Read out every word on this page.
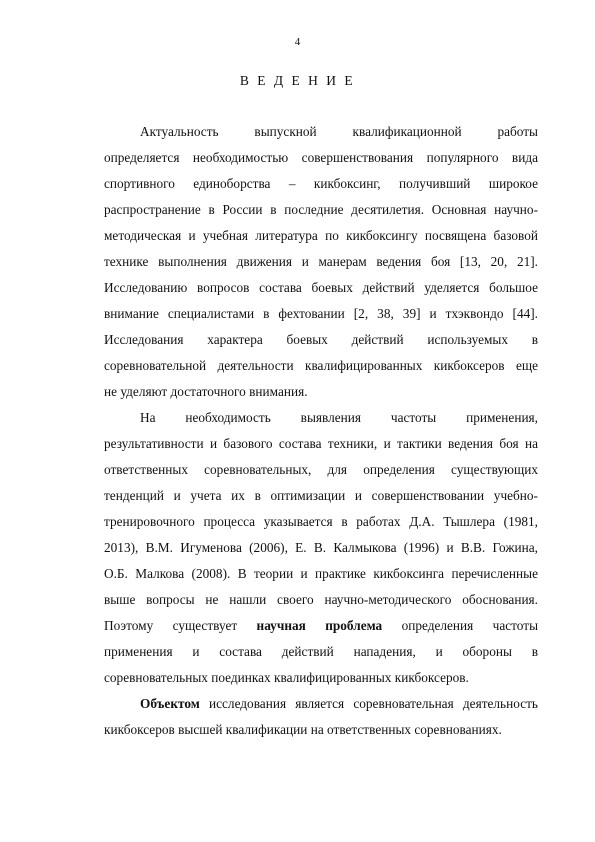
4
В Е Д Е Н И Е
Актуальность выпускной квалификационной работы
определяется необходимостью совершенствования популярного вида
спортивного единоборства – кикбоксинг, получивший широкое
распространение в России в последние десятилетия. Основная научно-
методическая и учебная литература по кикбоксингу посвящена базовой
технике выполнения движения и манерам ведения боя [13, 20, 21].
Исследованию вопросов состава боевых действий уделяется большое
внимание специалистами в фехтовании [2, 38, 39] и тхэквондо [44].
Исследования характера боевых действий используемых в
соревновательной деятельности квалифицированных кикбоксеров еще
не уделяют достаточного внимания.
На необходимость выявления частоты применения,
результативности и базового состава техники, и тактики ведения боя на
ответственных соревновательных, для определения существующих
тенденций и учета их в оптимизации и совершенствовании учебно-
тренировочного процесса указывается в работах Д.А. Тышлера (1981,
2013), В.М. Игуменова (2006), Е. В. Калмыкова (1996) и В.В. Гожина,
О.Б. Малкова (2008). В теории и практике кикбоксинга перечисленные
выше вопросы не нашли своего научно-методического обоснования.
Поэтому существует научная проблема определения частоты
применения и состава действий нападения, и обороны в
соревновательных поединках квалифицированных кикбоксеров.
Объектом исследования является соревновательная деятельность
кикбоксеров высшей квалификации на ответственных соревнованиях.
